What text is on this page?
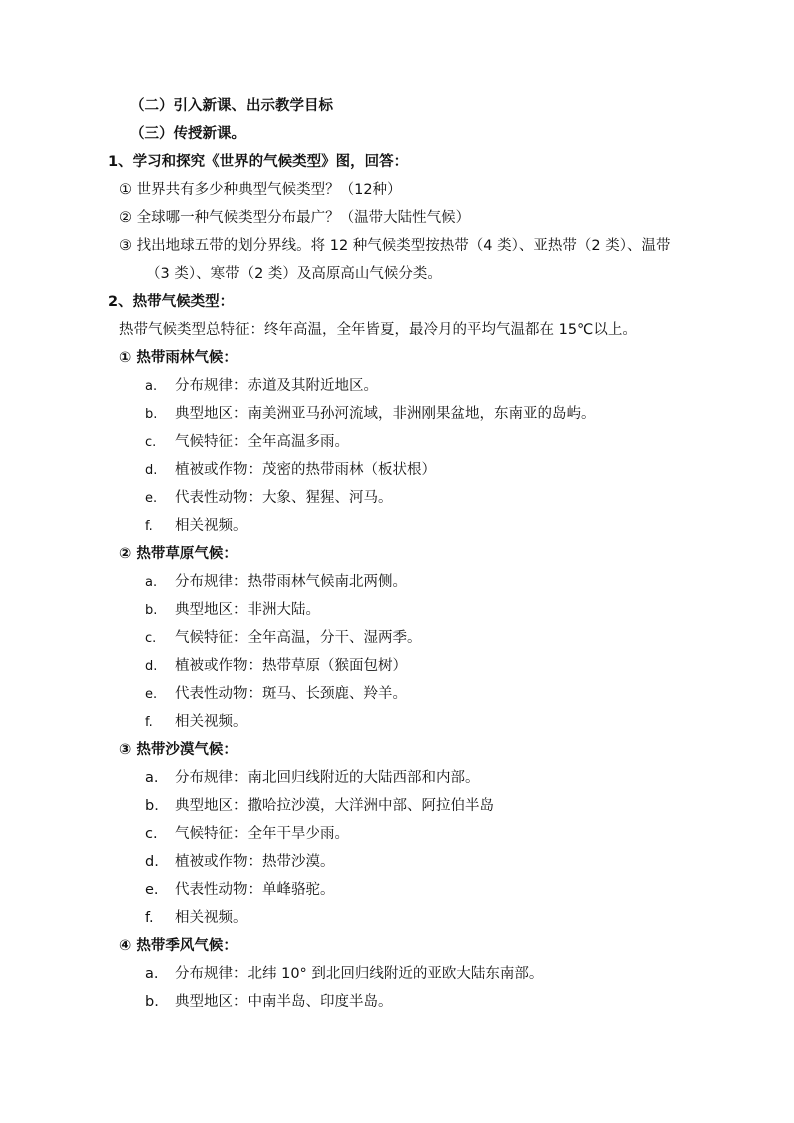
（二）引入新课、出示教学目标
（三）传授新课。
1、学习和探究《世界的气候类型》图，回答：
① 世界共有多少种典型气候类型？（12种）
② 全球哪一种气候类型分布最广？（温带大陆性气候）
③ 找出地球五带的划分界线。将 12 种气候类型按热带（4 类）、亚热带（2 类）、温带
（3 类）、寒带（2 类）及高原高山气候分类。
2、热带气候类型：
热带气候类型总特征：终年高温，全年皆夏，最冷月的平均气温都在 15℃以上。
① 热带雨林气候：
a. 分布规律：赤道及其附近地区。
b. 典型地区：南美洲亚马孙河流域，非洲刚果盆地，东南亚的岛屿。
c. 气候特征：全年高温多雨。
d. 植被或作物：茂密的热带雨林（板状根）
e. 代表性动物：大象、猩猩、河马。
f. 相关视频。
② 热带草原气候：
a. 分布规律：热带雨林气候南北两侧。
b. 典型地区：非洲大陆。
c. 气候特征：全年高温，分干、湿两季。
d. 植被或作物：热带草原（猴面包树）
e. 代表性动物：斑马、长颈鹿、羚羊。
f. 相关视频。
③ 热带沙漠气候：
a. 分布规律：南北回归线附近的大陆西部和内部。
b. 典型地区：撒哈拉沙漠，大洋洲中部、阿拉伯半岛
c. 气候特征：全年干旱少雨。
d. 植被或作物：热带沙漠。
e. 代表性动物：单峰骆驼。
f. 相关视频。
④ 热带季风气候：
a. 分布规律：北纬 10° 到北回归线附近的亚欧大陆东南部。
b. 典型地区：中南半岛、印度半岛。
